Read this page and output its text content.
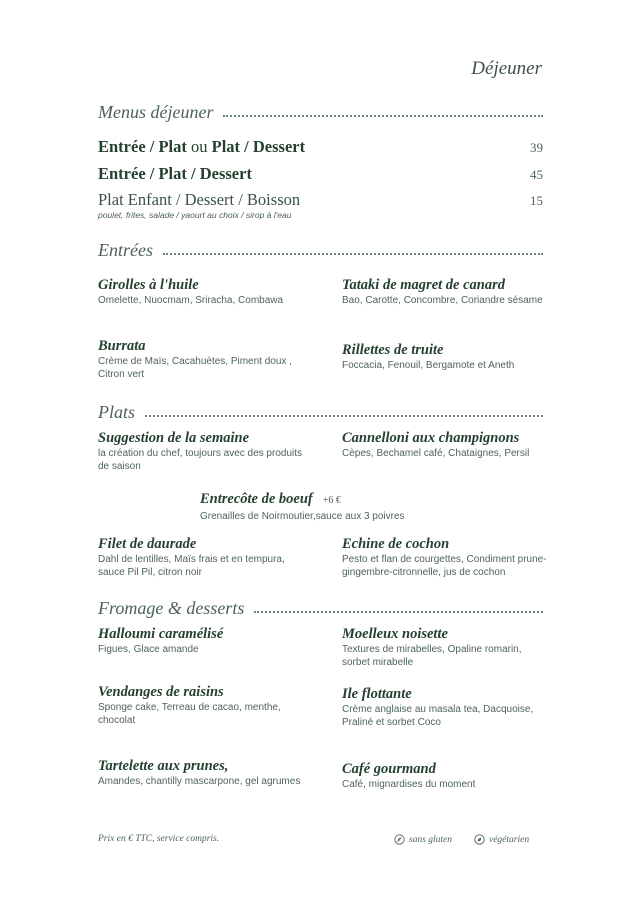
Déjeuner
Menus déjeuner
Entrée / Plat ou Plat / Dessert	39
Entrée / Plat / Dessert	45
Plat Enfant / Dessert / Boisson	15
poulet, frites, salade / yaourt au choix / sirop à l'eau
Entrées
Girolles à l'huile
Omelette, Nuocmam, Sriracha, Combawa
Tataki de magret de canard
Bao, Carotte, Concombre, Coriandre sésame
Burrata
Crème de Maïs, Cacahuètes, Piment doux , Citron vert
Rillettes de truite
Foccacia, Fenouil, Bergamote et Aneth
Plats
Suggestion de la semaine
la création du chef, toujours avec des produits de saison
Cannelloni aux champignons
Cèpes, Bechamel café, Chataignes, Persil
Entrecôte de boeuf +6 €
Grenailles de Noirmoutier,sauce aux 3 poivres
Filet de daurade
Dahl de lentilles, Maïs frais et en tempura, sauce Pil Pil, citron noir
Echine de cochon
Pesto et flan de courgettes, Condiment prune-gingembre-citronnelle, jus de cochon
Fromage & desserts
Halloumi caramélisé
Figues, Glace amande
Moelleux noisette
Textures de mirabelles, Opaline romarin, sorbet mirabelle
Vendanges de raisins
Sponge cake, Terreau de cacao, menthe, chocolat
Ile flottante
Crème anglaise au masala tea, Dacquoise, Praliné et sorbet Coco
Tartelette aux prunes,
Amandes, chantilly mascarpone, gel agrumes
Café gourmand
Café, mignardises du moment
Prix en € TTC, service compris.	sans gluten	végétarien
